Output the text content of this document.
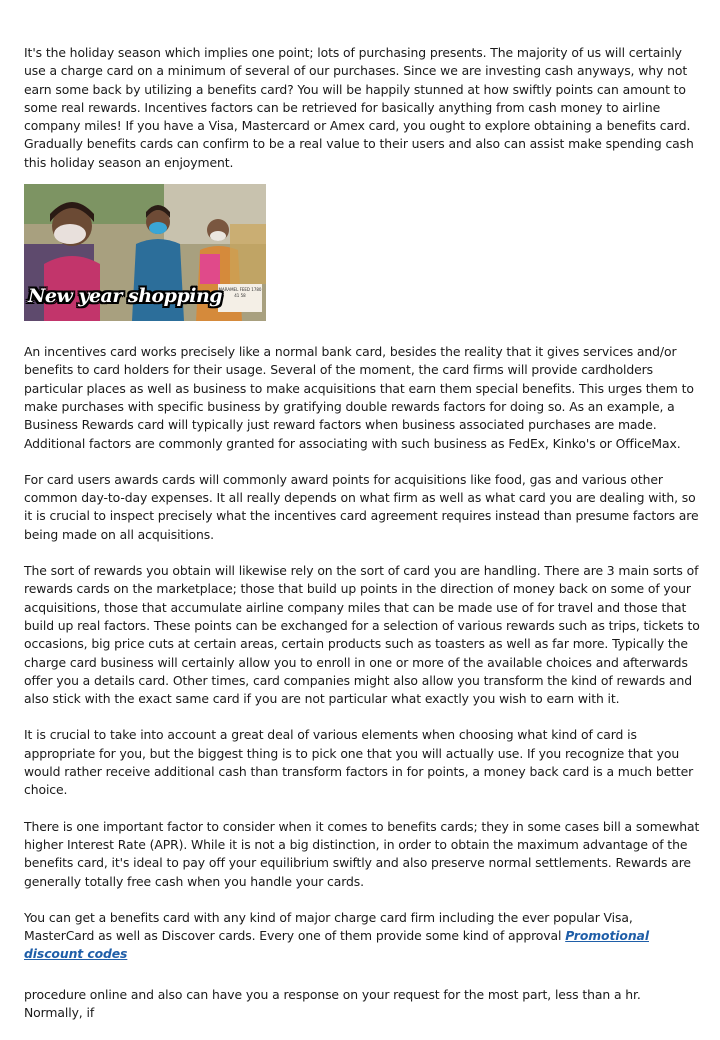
It's the holiday season which implies one point; lots of purchasing presents. The majority of us will certainly use a charge card on a minimum of several of our purchases. Since we are investing cash anyways, why not earn some back by utilizing a benefits card? You will be happily stunned at how swiftly points can amount to some real rewards. Incentives factors can be retrieved for basically anything from cash money to airline company miles! If you have a Visa, Mastercard or Amex card, you ought to explore obtaining a benefits card. Gradually benefits cards can confirm to be a real value to their users and also can assist make spending cash this holiday season an enjoyment.

New year shopping
MARAMEL FEED 1780 41 58

An incentives card works precisely like a normal bank card, besides the reality that it gives services and/or benefits to card holders for their usage. Several of the moment, the card firms will provide cardholders particular places as well as business to make acquisitions that earn them special benefits. This urges them to make purchases with specific business by gratifying double rewards factors for doing so. As an example, a Business Rewards card will typically just reward factors when business associated purchases are made. Additional factors are commonly granted for associating with such business as FedEx, Kinko's or OfficeMax.

For card users awards cards will commonly award points for acquisitions like food, gas and various other common day-to-day expenses. It all really depends on what firm as well as what card you are dealing with, so it is crucial to inspect precisely what the incentives card agreement requires instead than presume factors are being made on all acquisitions.

The sort of rewards you obtain will likewise rely on the sort of card you are handling. There are 3 main sorts of rewards cards on the marketplace; those that build up points in the direction of money back on some of your acquisitions, those that accumulate airline company miles that can be made use of for travel and those that build up real factors. These points can be exchanged for a selection of various rewards such as trips, tickets to occasions, big price cuts at certain areas, certain products such as toasters as well as far more. Typically the charge card business will certainly allow you to enroll in one or more of the available choices and afterwards offer you a details card. Other times, card companies might also allow you transform the kind of rewards and also stick with the exact same card if you are not particular what exactly you wish to earn with it.

It is crucial to take into account a great deal of various elements when choosing what kind of card is appropriate for you, but the biggest thing is to pick one that you will actually use. If you recognize that you would rather receive additional cash than transform factors in for points, a money back card is a much better choice.

There is one important factor to consider when it comes to benefits cards; they in some cases bill a somewhat higher Interest Rate (APR). While it is not a big distinction, in order to obtain the maximum advantage of the benefits card, it's ideal to pay off your equilibrium swiftly and also preserve normal settlements. Rewards are generally totally free cash when you handle your cards.

You can get a benefits card with any kind of major charge card firm including the ever popular Visa, MasterCard as well as Discover cards. Every one of them provide some kind of approval Promotional discount codes

procedure online and also can have you a response on your request for the most part, less than a hr. Normally, if
